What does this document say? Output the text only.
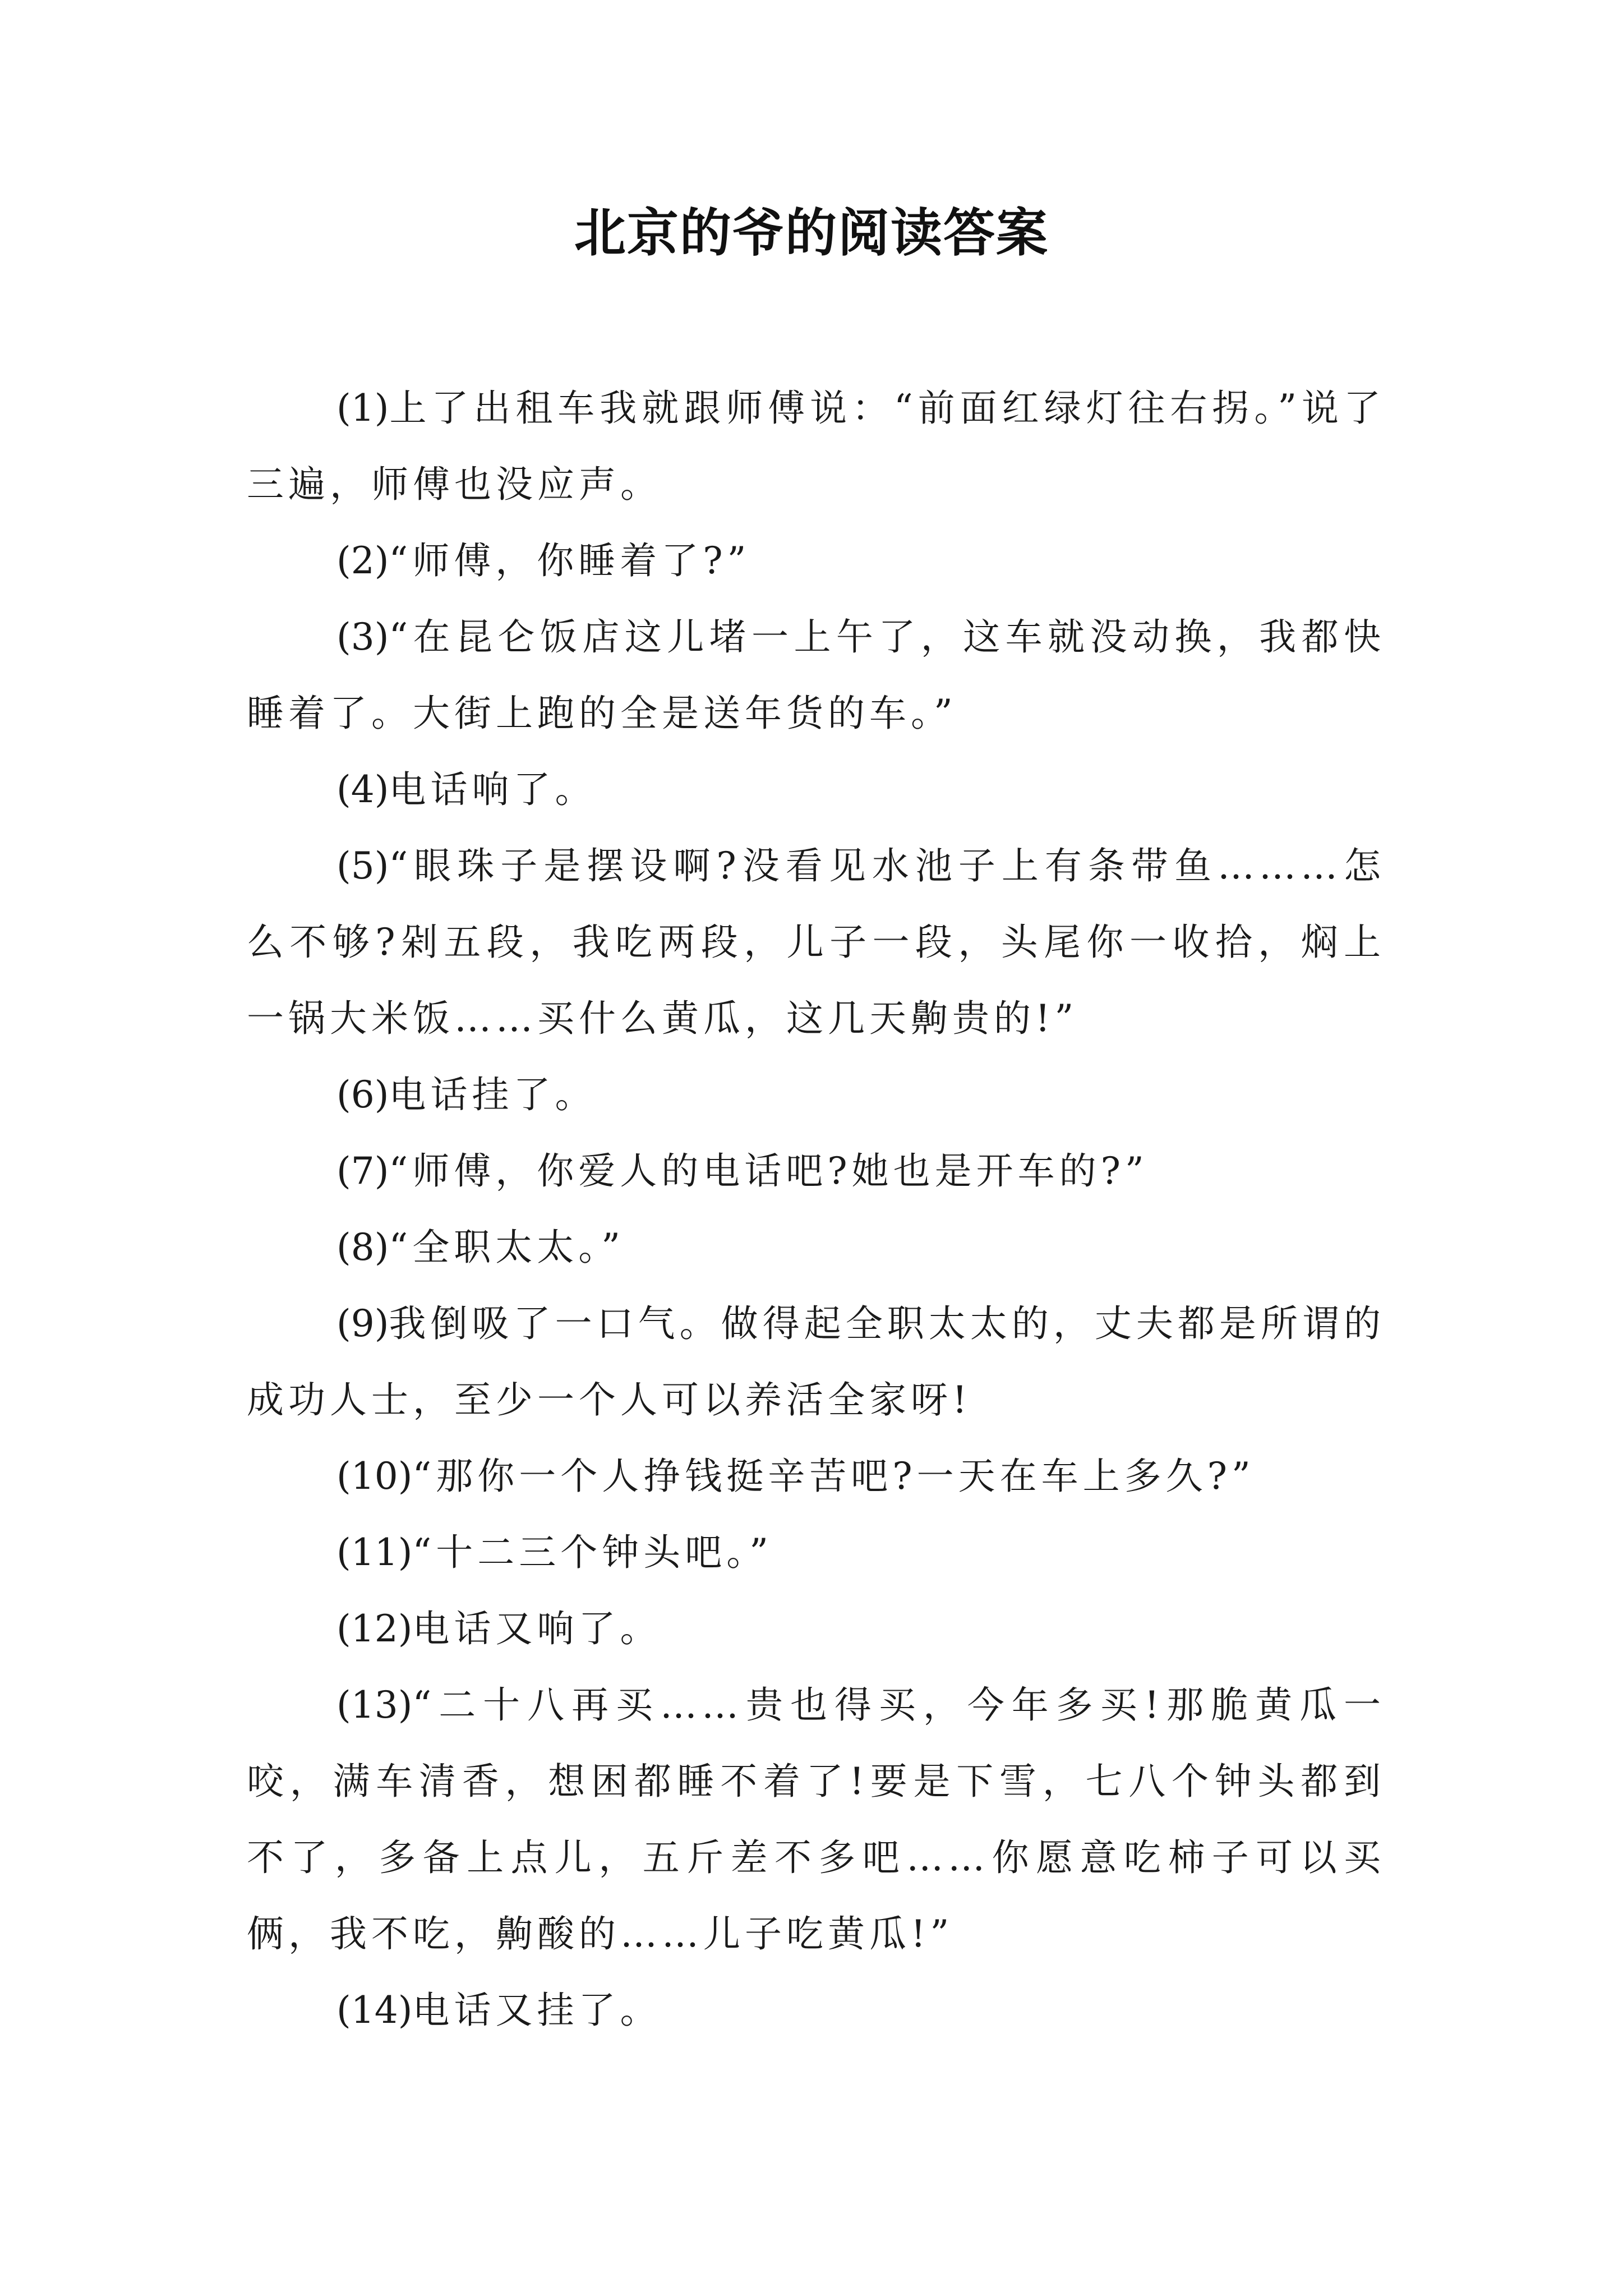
北京的爷的阅读答案

(1)上了出租车我就跟师傅说：“前面红绿灯往右拐。”说了三遍，师傅也没应声。

(2)“师傅，你睡着了?”

(3)“在昆仑饭店这儿堵一上午了，这车就没动换，我都快睡着了。大街上跑的全是送年货的车。”

(4)电话响了。

(5)“眼珠子是摆设啊?没看见水池子上有条带鱼………怎么不够?剁五段，我吃两段，儿子一段，头尾你一收拾，焖上一锅大米饭……买什么黄瓜，这几天齁贵的!”

(6)电话挂了。

(7)“师傅，你爱人的电话吧?她也是开车的?”

(8)“全职太太。”

(9)我倒吸了一口气。做得起全职太太的，丈夫都是所谓的成功人士，至少一个人可以养活全家呀!

(10)“那你一个人挣钱挺辛苦吧?一天在车上多久?”

(11)“十二三个钟头吧。”

(12)电话又响了。

(13)“二十八再买……贵也得买，今年多买!那脆黄瓜一咬，满车清香，想困都睡不着了!要是下雪，七八个钟头都到不了，多备上点儿，五斤差不多吧……你愿意吃柿子可以买俩，我不吃，齁酸的……儿子吃黄瓜!”

(14)电话又挂了。
